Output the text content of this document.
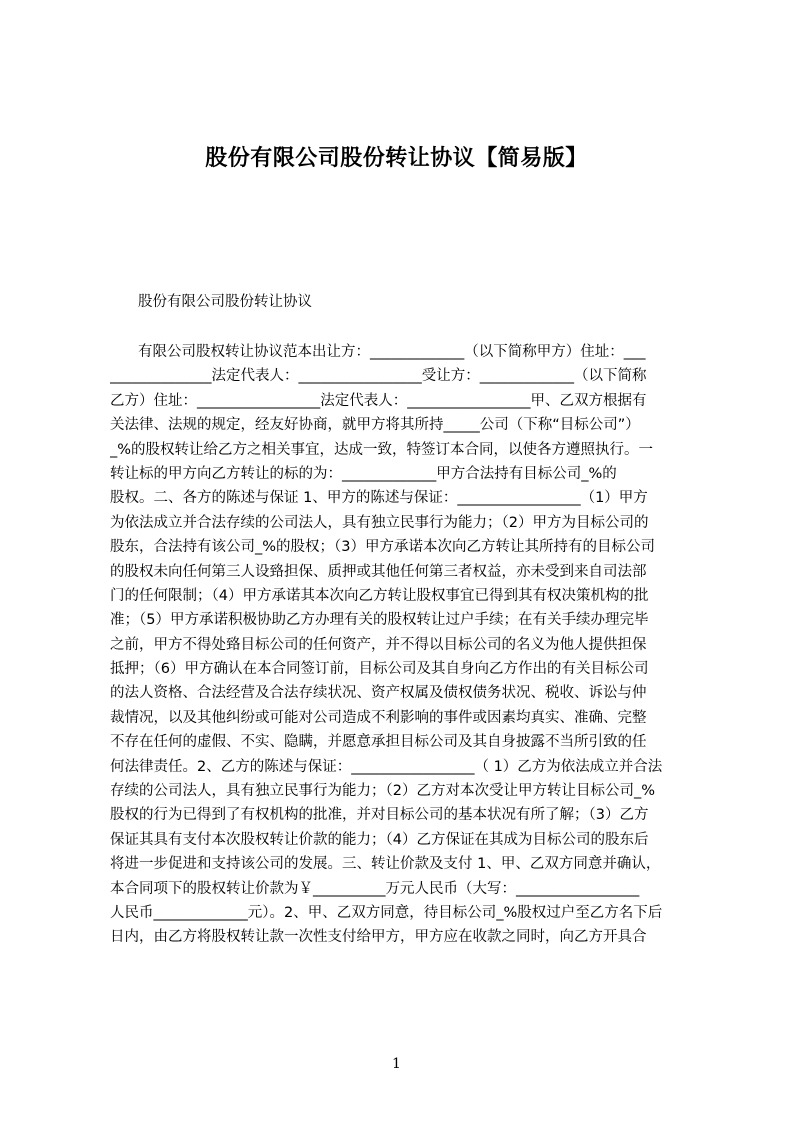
股份有限公司股份转让协议【简易版】
股份有限公司股份转让协议
有限公司股权转让协议范本出让方：_____________（以下简称甲方）住址：___
______________法定代表人：_________________受让方：_____________（以下简称
乙方）住址：_________________法定代表人：_________________甲、乙双方根据有
关法律、法规的规定，经友好协商，就甲方将其所持_____公司（下称“目标公司”）
_%的股权转让给乙方之相关事宜，达成一致，特签订本合同，以使各方遵照执行。一
转让标的甲方向乙方转让的标的为：_____________甲方合法持有目标公司_%的
股权。二、各方的陈述与保证 1、甲方的陈述与保证：_________________（1）甲方
为依法成立并合法存续的公司法人，具有独立民事行为能力；（2）甲方为目标公司的
股东，合法持有该公司_%的股权；（3）甲方承诺本次向乙方转让其所持有的目标公司
的股权未向任何第三人设臵担保、质押或其他任何第三者权益，亦未受到来自司法部
门的任何限制；（4）甲方承诺其本次向乙方转让股权事宜已得到其有权决策机构的批
准；（5）甲方承诺积极协助乙方办理有关的股权转让过户手续；在有关手续办理完毕
之前，甲方不得处臵目标公司的任何资产，并不得以目标公司的名义为他人提供担保
抵押；（6）甲方确认在本合同签订前，目标公司及其自身向乙方作出的有关目标公司
的法人资格、合法经营及合法存续状况、资产权属及债权债务状况、税收、诉讼与仲
裁情况，以及其他纠纷或可能对公司造成不利影响的事件或因素均真实、准确、完整
不存在任何的虚假、不实、隐瞒，并愿意承担目标公司及其自身披露不当所引致的任
何法律责任。2、乙方的陈述与保证：_________________（ 1）乙方为依法成立并合法
存续的公司法人，具有独立民事行为能力；（2）乙方对本次受让甲方转让目标公司_%
股权的行为已得到了有权机构的批准，并对目标公司的基本状况有所了解；（3）乙方
保证其具有支付本次股权转让价款的能力；（4）乙方保证在其成为目标公司的股东后
将进一步促进和支持该公司的发展。三、转让价款及支付 1、甲、乙双方同意并确认，
本合同项下的股权转让价款为￥__________万元人民币（大写：_________________
人民币_____________元）。2、甲、乙双方同意，待目标公司_%股权过户至乙方名下后
日内，由乙方将股权转让款一次性支付给甲方，甲方应在收款之同时，向乙方开具合
1
